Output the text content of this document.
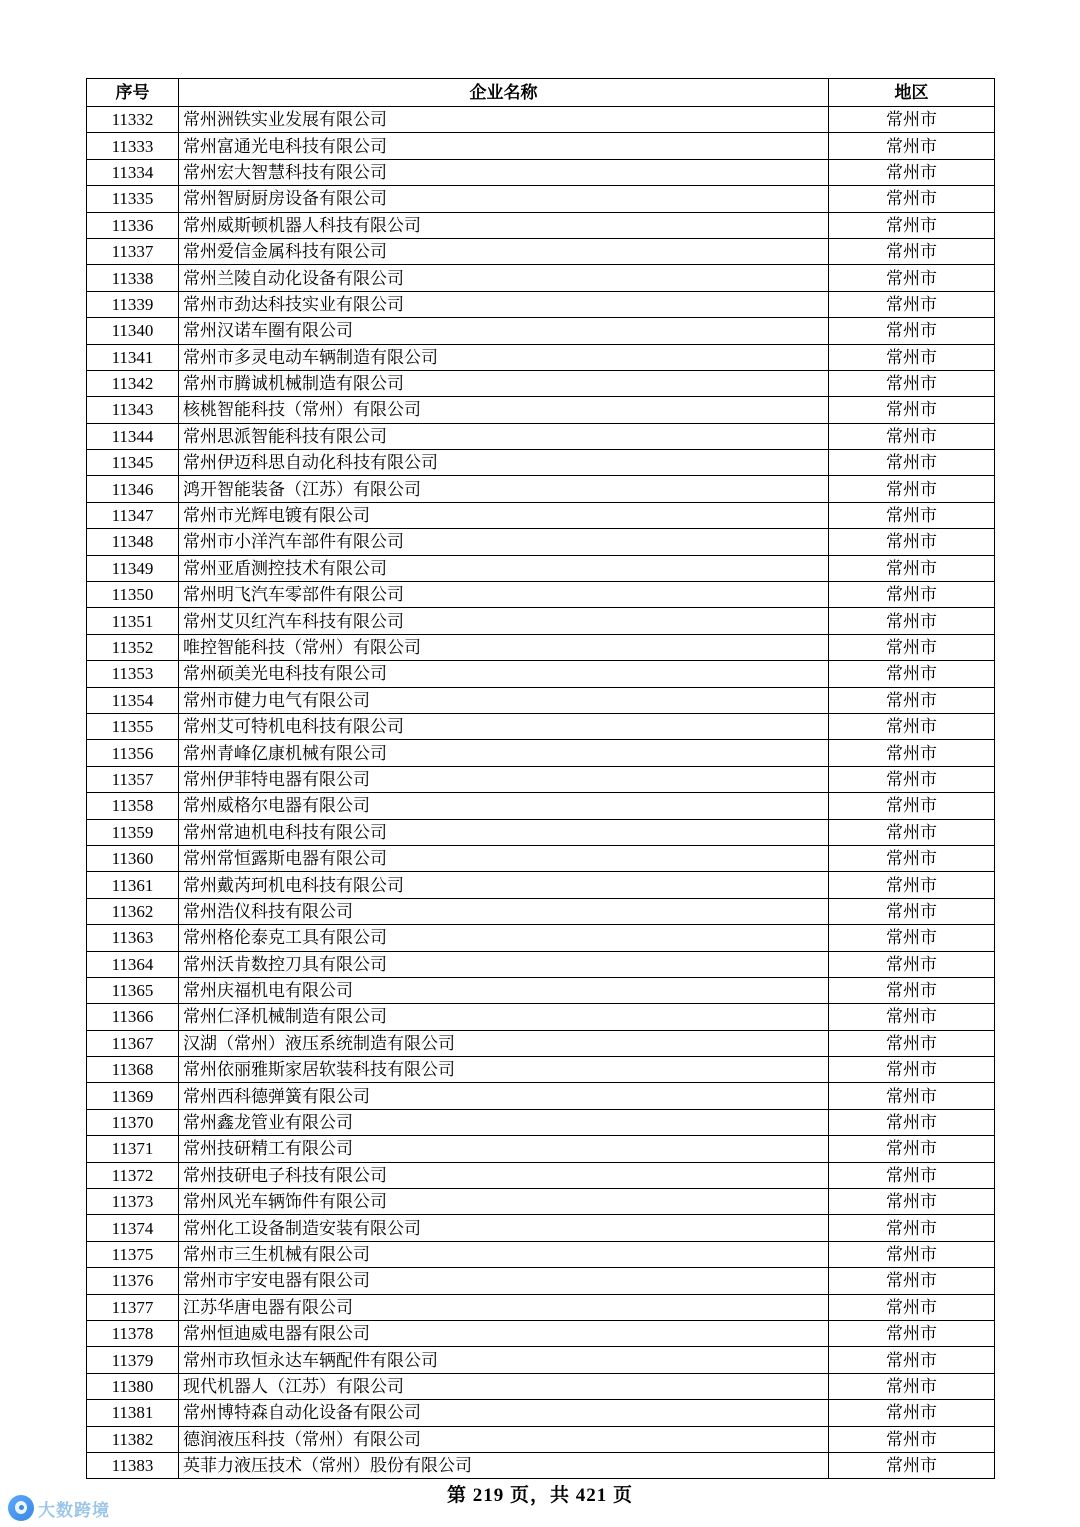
序号	企业名称	地区
11332	常州洲铁实业发展有限公司	常州市
11333	常州富通光电科技有限公司	常州市
11334	常州宏大智慧科技有限公司	常州市
11335	常州智厨厨房设备有限公司	常州市
11336	常州威斯顿机器人科技有限公司	常州市
11337	常州爱信金属科技有限公司	常州市
11338	常州兰陵自动化设备有限公司	常州市
11339	常州市劲达科技实业有限公司	常州市
11340	常州汉诺车圈有限公司	常州市
11341	常州市多灵电动车辆制造有限公司	常州市
11342	常州市腾诚机械制造有限公司	常州市
11343	核桃智能科技（常州）有限公司	常州市
11344	常州思派智能科技有限公司	常州市
11345	常州伊迈科思自动化科技有限公司	常州市
11346	鸿开智能装备（江苏）有限公司	常州市
11347	常州市光辉电镀有限公司	常州市
11348	常州市小洋汽车部件有限公司	常州市
11349	常州亚盾测控技术有限公司	常州市
11350	常州明飞汽车零部件有限公司	常州市
11351	常州艾贝红汽车科技有限公司	常州市
11352	唯控智能科技（常州）有限公司	常州市
11353	常州硕美光电科技有限公司	常州市
11354	常州市健力电气有限公司	常州市
11355	常州艾可特机电科技有限公司	常州市
11356	常州青峰亿康机械有限公司	常州市
11357	常州伊菲特电器有限公司	常州市
11358	常州威格尔电器有限公司	常州市
11359	常州常迪机电科技有限公司	常州市
11360	常州常恒露斯电器有限公司	常州市
11361	常州戴芮珂机电科技有限公司	常州市
11362	常州浩仪科技有限公司	常州市
11363	常州格伦泰克工具有限公司	常州市
11364	常州沃肯数控刀具有限公司	常州市
11365	常州庆福机电有限公司	常州市
11366	常州仁泽机械制造有限公司	常州市
11367	汉湖（常州）液压系统制造有限公司	常州市
11368	常州依丽雅斯家居软装科技有限公司	常州市
11369	常州西科德弹簧有限公司	常州市
11370	常州鑫龙管业有限公司	常州市
11371	常州技研精工有限公司	常州市
11372	常州技研电子科技有限公司	常州市
11373	常州风光车辆饰件有限公司	常州市
11374	常州化工设备制造安装有限公司	常州市
11375	常州市三生机械有限公司	常州市
11376	常州市宇安电器有限公司	常州市
11377	江苏华唐电器有限公司	常州市
11378	常州恒迪威电器有限公司	常州市
11379	常州市玖恒永达车辆配件有限公司	常州市
11380	现代机器人（江苏）有限公司	常州市
11381	常州博特森自动化设备有限公司	常州市
11382	德润液压科技（常州）有限公司	常州市
11383	英菲力液压技术（常州）股份有限公司	常州市
第 219 页，共 421 页
大数跨境
